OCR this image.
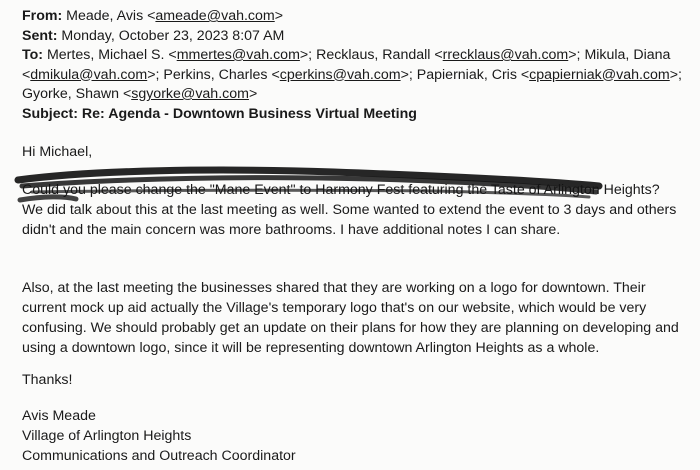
From: Meade, Avis <ameade@vah.com>
Sent: Monday, October 23, 2023 8:07 AM
To: Mertes, Michael S. <mmertes@vah.com>; Recklaus, Randall <rrecklaus@vah.com>; Mikula, Diana <dmikula@vah.com>; Perkins, Charles <cperkins@vah.com>; Papierniak, Cris <cpapierniak@vah.com>; Gyorke, Shawn <sgyorke@vah.com>
Subject: Re: Agenda - Downtown Business Virtual Meeting

Hi Michael,

Could you please change the "Mane Event" to Harmony Fest featuring the Taste of Arlington Heights? We did talk about this at the last meeting as well. Some wanted to extend the event to 3 days and others didn't and the main concern was more bathrooms. I have additional notes I can share.

Also, at the last meeting the businesses shared that they are working on a logo for downtown. Their current mock up aid actually the Village's temporary logo that's on our website, which would be very confusing. We should probably get an update on their plans for how they are planning on developing and using a downtown logo, since it will be representing downtown Arlington Heights as a whole.

Thanks!

Avis Meade

Village of Arlington Heights

Communications and Outreach Coordinator
